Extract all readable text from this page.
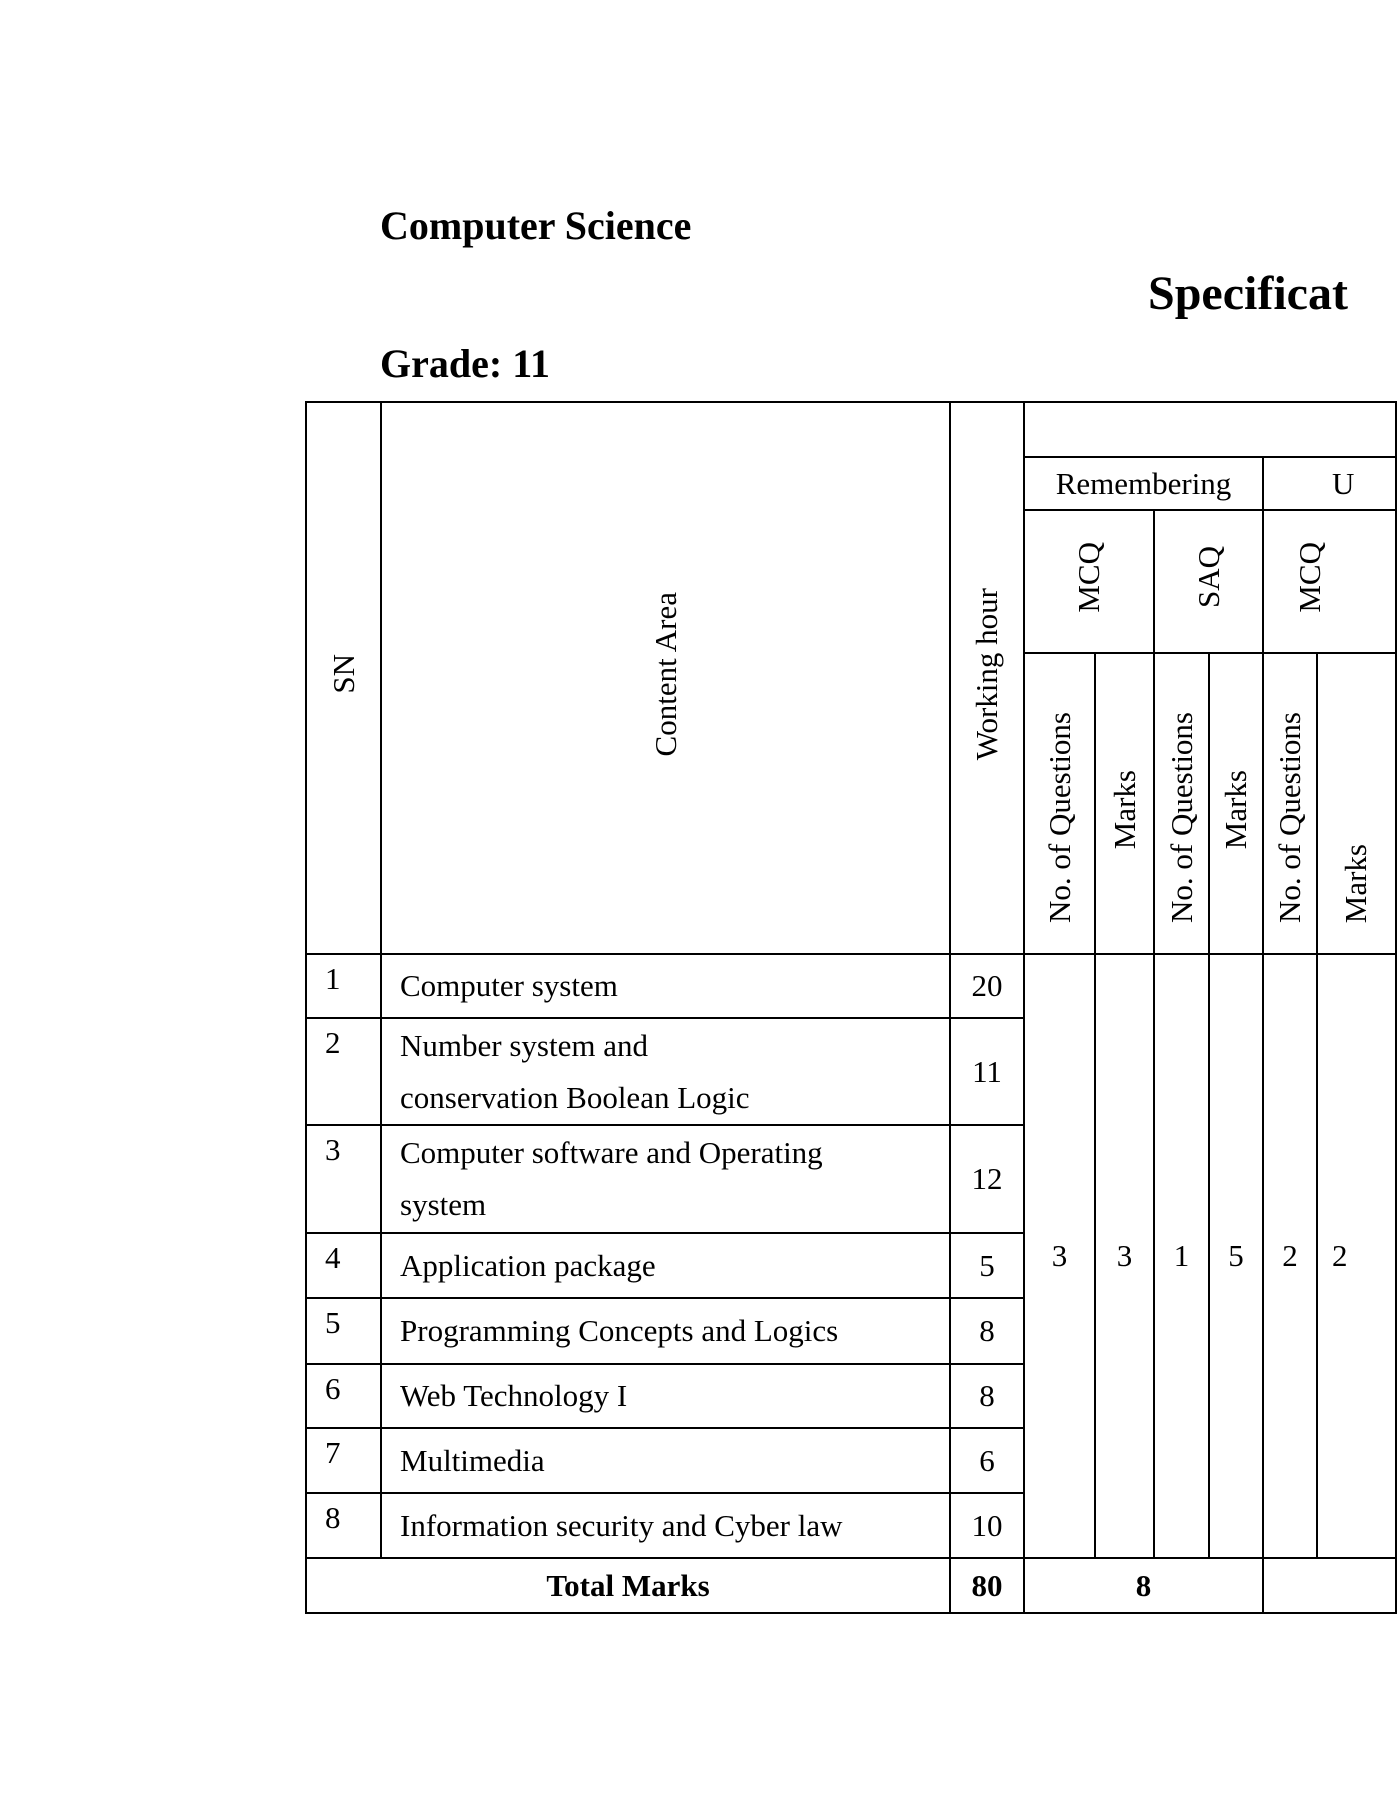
Computer Science
Specificat
Grade: 11
SN	Content Area	Working hour						
			Remembering				U	
			MCQ		SAQ		MCQ	
			No. of Questions	Marks	No. of Questions	Marks	No. of Questions	Marks
1	Computer system	20	3	3	1	5	2	2
2	Number system and conservation Boolean Logic	11						
3	Computer software and Operating system	12						
4	Application package	5						
5	Programming Concepts and Logics	8						
6	Web Technology I	8						
7	Multimedia	6						
8	Information security and Cyber law	10						
Total Marks		80	8					
